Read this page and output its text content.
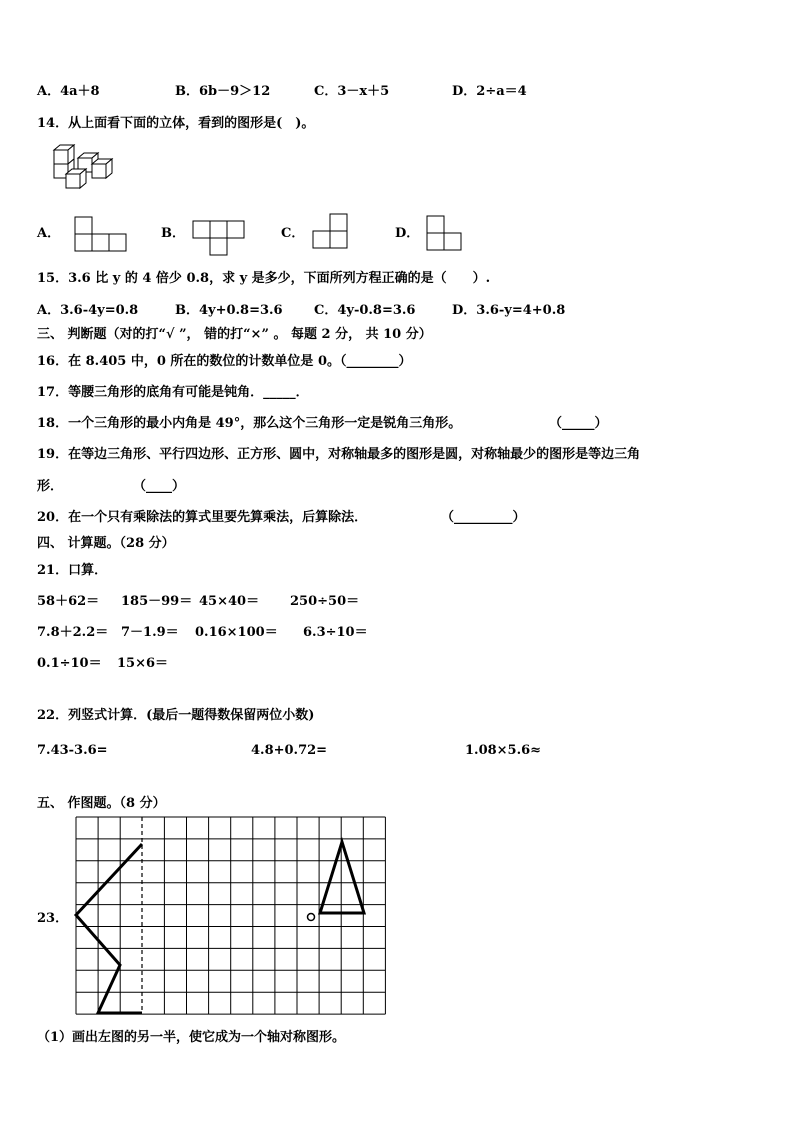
A．4a＋8	B．6b－9＞12	C．3－x＋5	D．2÷a＝4
14．从上面看下面的立体，看到的图形是(　)。
A．	B．	C．	D．
15．3.6 比 y 的 4 倍少 0.8，求 y 是多少，下面所列方程正确的是（　　）.
A．3.6-4y=0.8	B．4y+0.8=3.6 C．4y-0.8=3.6	D．3.6-y=4+0.8
三、 判断题（对的打“√ ”， 错的打“×” 。 每题 2 分， 共 10 分）
16．在 8.405 中，0 所在的数位的计数单位是 0。（________）
17．等腰三角形的底角有可能是钝角．_____．
18．一个三角形的最小内角是 49°，那么这个三角形一定是锐角三角形。	（_____）
19．在等边三角形、平行四边形、正方形、圆中，对称轴最多的图形是圆，对称轴最少的图形是等边三角
形．	（____）
20．在一个只有乘除法的算式里要先算乘法，后算除法．	（_________）
四、 计算题。（28 分）
21．口算．
58＋62＝ 185－99＝ 45×40＝ 250÷50＝
7.8＋2.2＝ 7－1.9＝ 0.16×100＝ 6.3÷10＝
0.1÷10＝ 15×6＝
22．列竖式计算．(最后一题得数保留两位小数)
7.43-3.6=	4.8+0.72=	1.08×5.6≈
五、 作图题。（8 分）
23．
（1）画出左图的另一半，使它成为一个轴对称图形。
